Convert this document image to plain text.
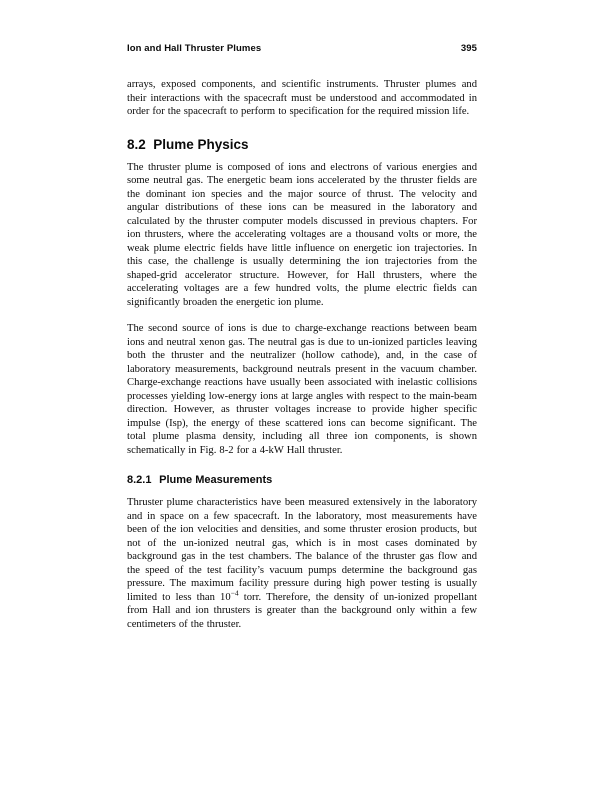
Ion and Hall Thruster Plumes	395

arrays, exposed components, and scientific instruments. Thruster plumes and their interactions with the spacecraft must be understood and accommodated in order for the spacecraft to perform to specification for the required mission life.

8.2 Plume Physics

The thruster plume is composed of ions and electrons of various energies and some neutral gas. The energetic beam ions accelerated by the thruster fields are the dominant ion species and the major source of thrust. The velocity and angular distributions of these ions can be measured in the laboratory and calculated by the thruster computer models discussed in previous chapters. For ion thrusters, where the accelerating voltages are a thousand volts or more, the weak plume electric fields have little influence on energetic ion trajectories. In this case, the challenge is usually determining the ion trajectories from the shaped-grid accelerator structure. However, for Hall thrusters, where the accelerating voltages are a few hundred volts, the plume electric fields can significantly broaden the energetic ion plume.

The second source of ions is due to charge-exchange reactions between beam ions and neutral xenon gas. The neutral gas is due to un-ionized particles leaving both the thruster and the neutralizer (hollow cathode), and, in the case of laboratory measurements, background neutrals present in the vacuum chamber. Charge-exchange reactions have usually been associated with inelastic collisions processes yielding low-energy ions at large angles with respect to the main-beam direction. However, as thruster voltages increase to provide higher specific impulse (Isp), the energy of these scattered ions can become significant. The total plume plasma density, including all three ion components, is shown schematically in Fig. 8-2 for a 4-kW Hall thruster.

8.2.1 Plume Measurements

Thruster plume characteristics have been measured extensively in the laboratory and in space on a few spacecraft. In the laboratory, most measurements have been of the ion velocities and densities, and some thruster erosion products, but not of the un-ionized neutral gas, which is in most cases dominated by background gas in the test chambers. The balance of the thruster gas flow and the speed of the test facility’s vacuum pumps determine the background gas pressure. The maximum facility pressure during high power testing is usually limited to less than $10^{-4}$ torr. Therefore, the density of un-ionized propellant from Hall and ion thrusters is greater than the background only within a few centimeters of the thruster.
